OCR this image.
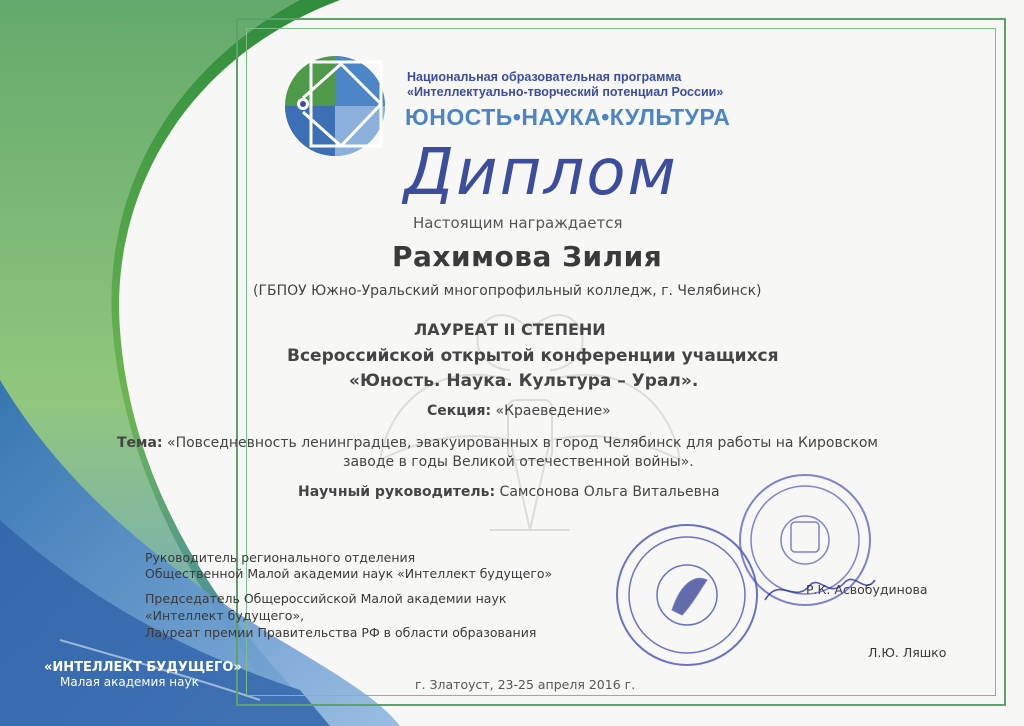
Национальная образовательная программа
«Интеллектуально-творческий потенциал России»
ЮНОСТЬ•НАУКА•КУЛЬТУРА
Диплом
Настоящим награждается
Рахимова Зилия
(ГБПОУ Южно-Уральский многопрофильный колледж, г. Челябинск)
ЛАУРЕАТ II СТЕПЕНИ
Всероссийской открытой конференции учащихся
«Юность. Наука. Культура – Урал».
Секция: «Краеведение»
Тема: «Повседневность ленинградцев, эвакуированных в город Челябинск для работы на Кировском
заводе в годы Великой отечественной войны».
Научный руководитель: Самсонова Ольга Витальевна
Руководитель регионального отделения
Общественной Малой академии наук «Интеллект будущего»
Р.К. Асвобудинова
Председатель Общероссийской Малой академии наук
«Интеллект будущего»,
Лауреат премии Правительства РФ в области образования
Л.Ю. Ляшко
«ИНТЕЛЛЕКТ БУДУЩЕГО»
Малая академия наук	г. Златоуст, 23-25 апреля 2016 г.
